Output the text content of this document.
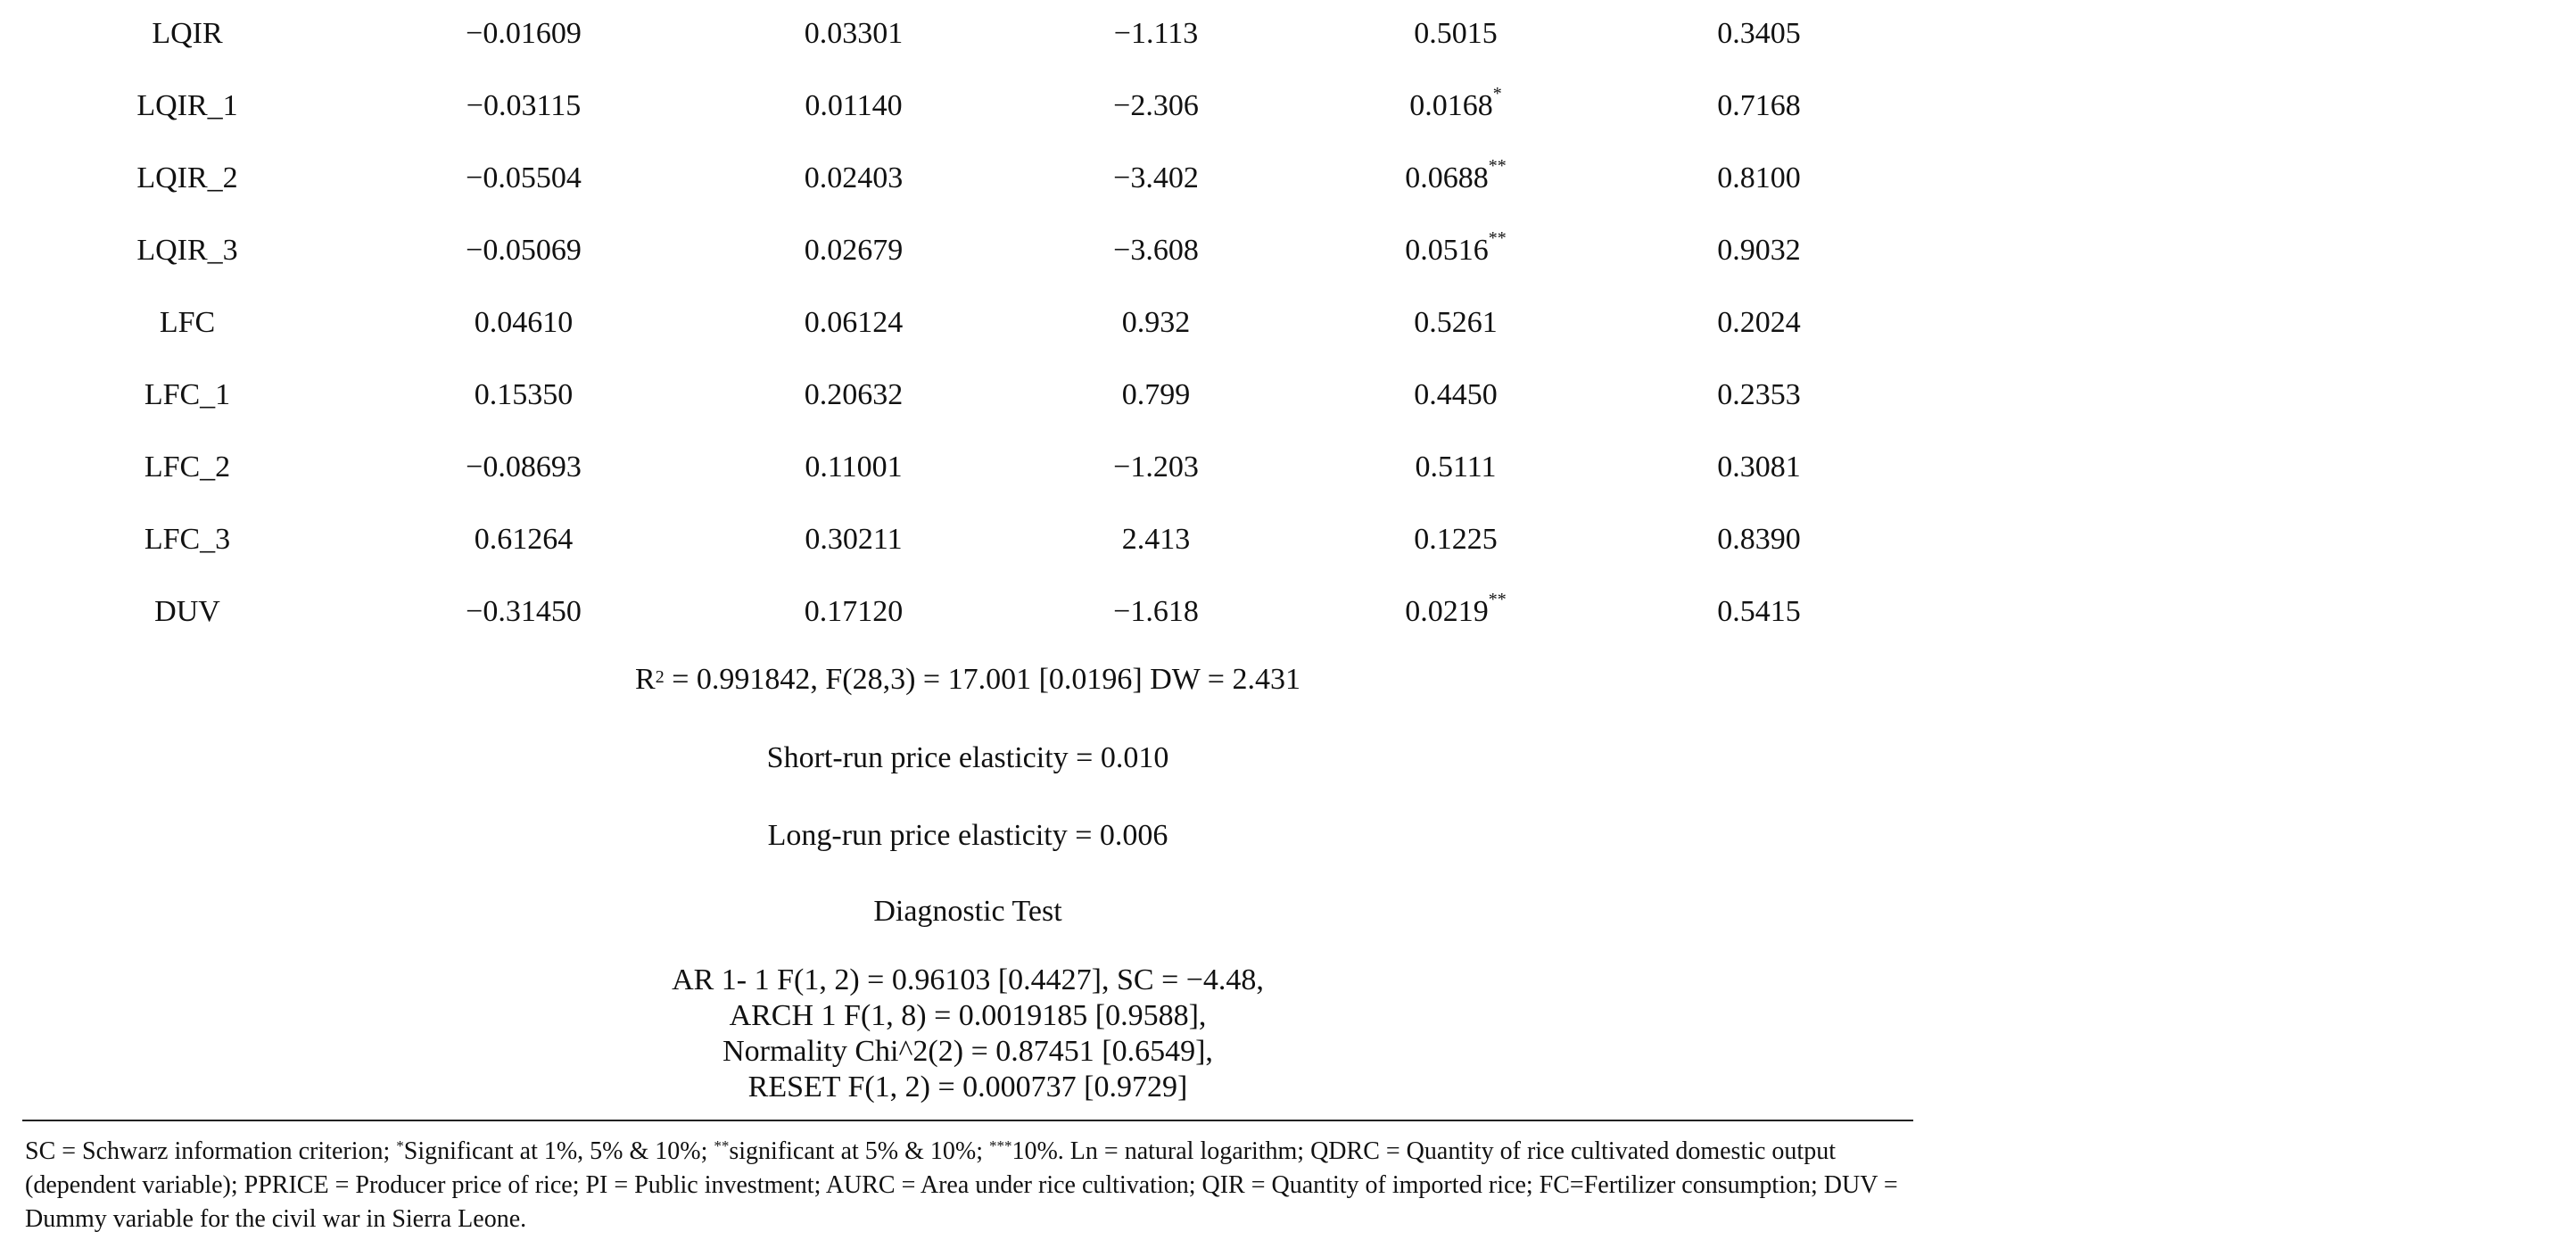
LQIR	−0.01609	0.03301	−1.113	0.5015	0.3405
LQIR_1	−0.03115	0.01140	−2.306	0.0168*	0.7168
LQIR_2	−0.05504	0.02403	−3.402	0.0688**	0.8100
LQIR_3	−0.05069	0.02679	−3.608	0.0516**	0.9032
LFC	0.04610	0.06124	0.932	0.5261	0.2024
LFC_1	0.15350	0.20632	0.799	0.4450	0.2353
LFC_2	−0.08693	0.11001	−1.203	0.5111	0.3081
LFC_3	0.61264	0.30211	2.413	0.1225	0.8390
DUV	−0.31450	0.17120	−1.618	0.0219**	0.5415
$R^2 = 0.991842$, F(28,3) = 17.001 [0.0196] DW = 2.431
Short-run price elasticity = 0.010
Long-run price elasticity = 0.006
Diagnostic Test
AR 1- 1 F(1, 2) = 0.96103 [0.4427], SC = −4.48,
ARCH 1 F(1, 8) = 0.0019185 [0.9588],
Normality Chi^2(2) = 0.87451 [0.6549],
RESET F(1, 2) = 0.000737 [0.9729]
SC = Schwarz information criterion; *Significant at 1%, 5% & 10%; **significant at 5% & 10%; ***10%. Ln = natural logarithm; QDRC = Quantity of rice cultivated domestic output (dependent variable); PPRICE = Producer price of rice; PI = Public investment; AURC = Area under rice cultivation; QIR = Quantity of imported rice; FC=Fertilizer consumption; DUV = Dummy variable for the civil war in Sierra Leone.
